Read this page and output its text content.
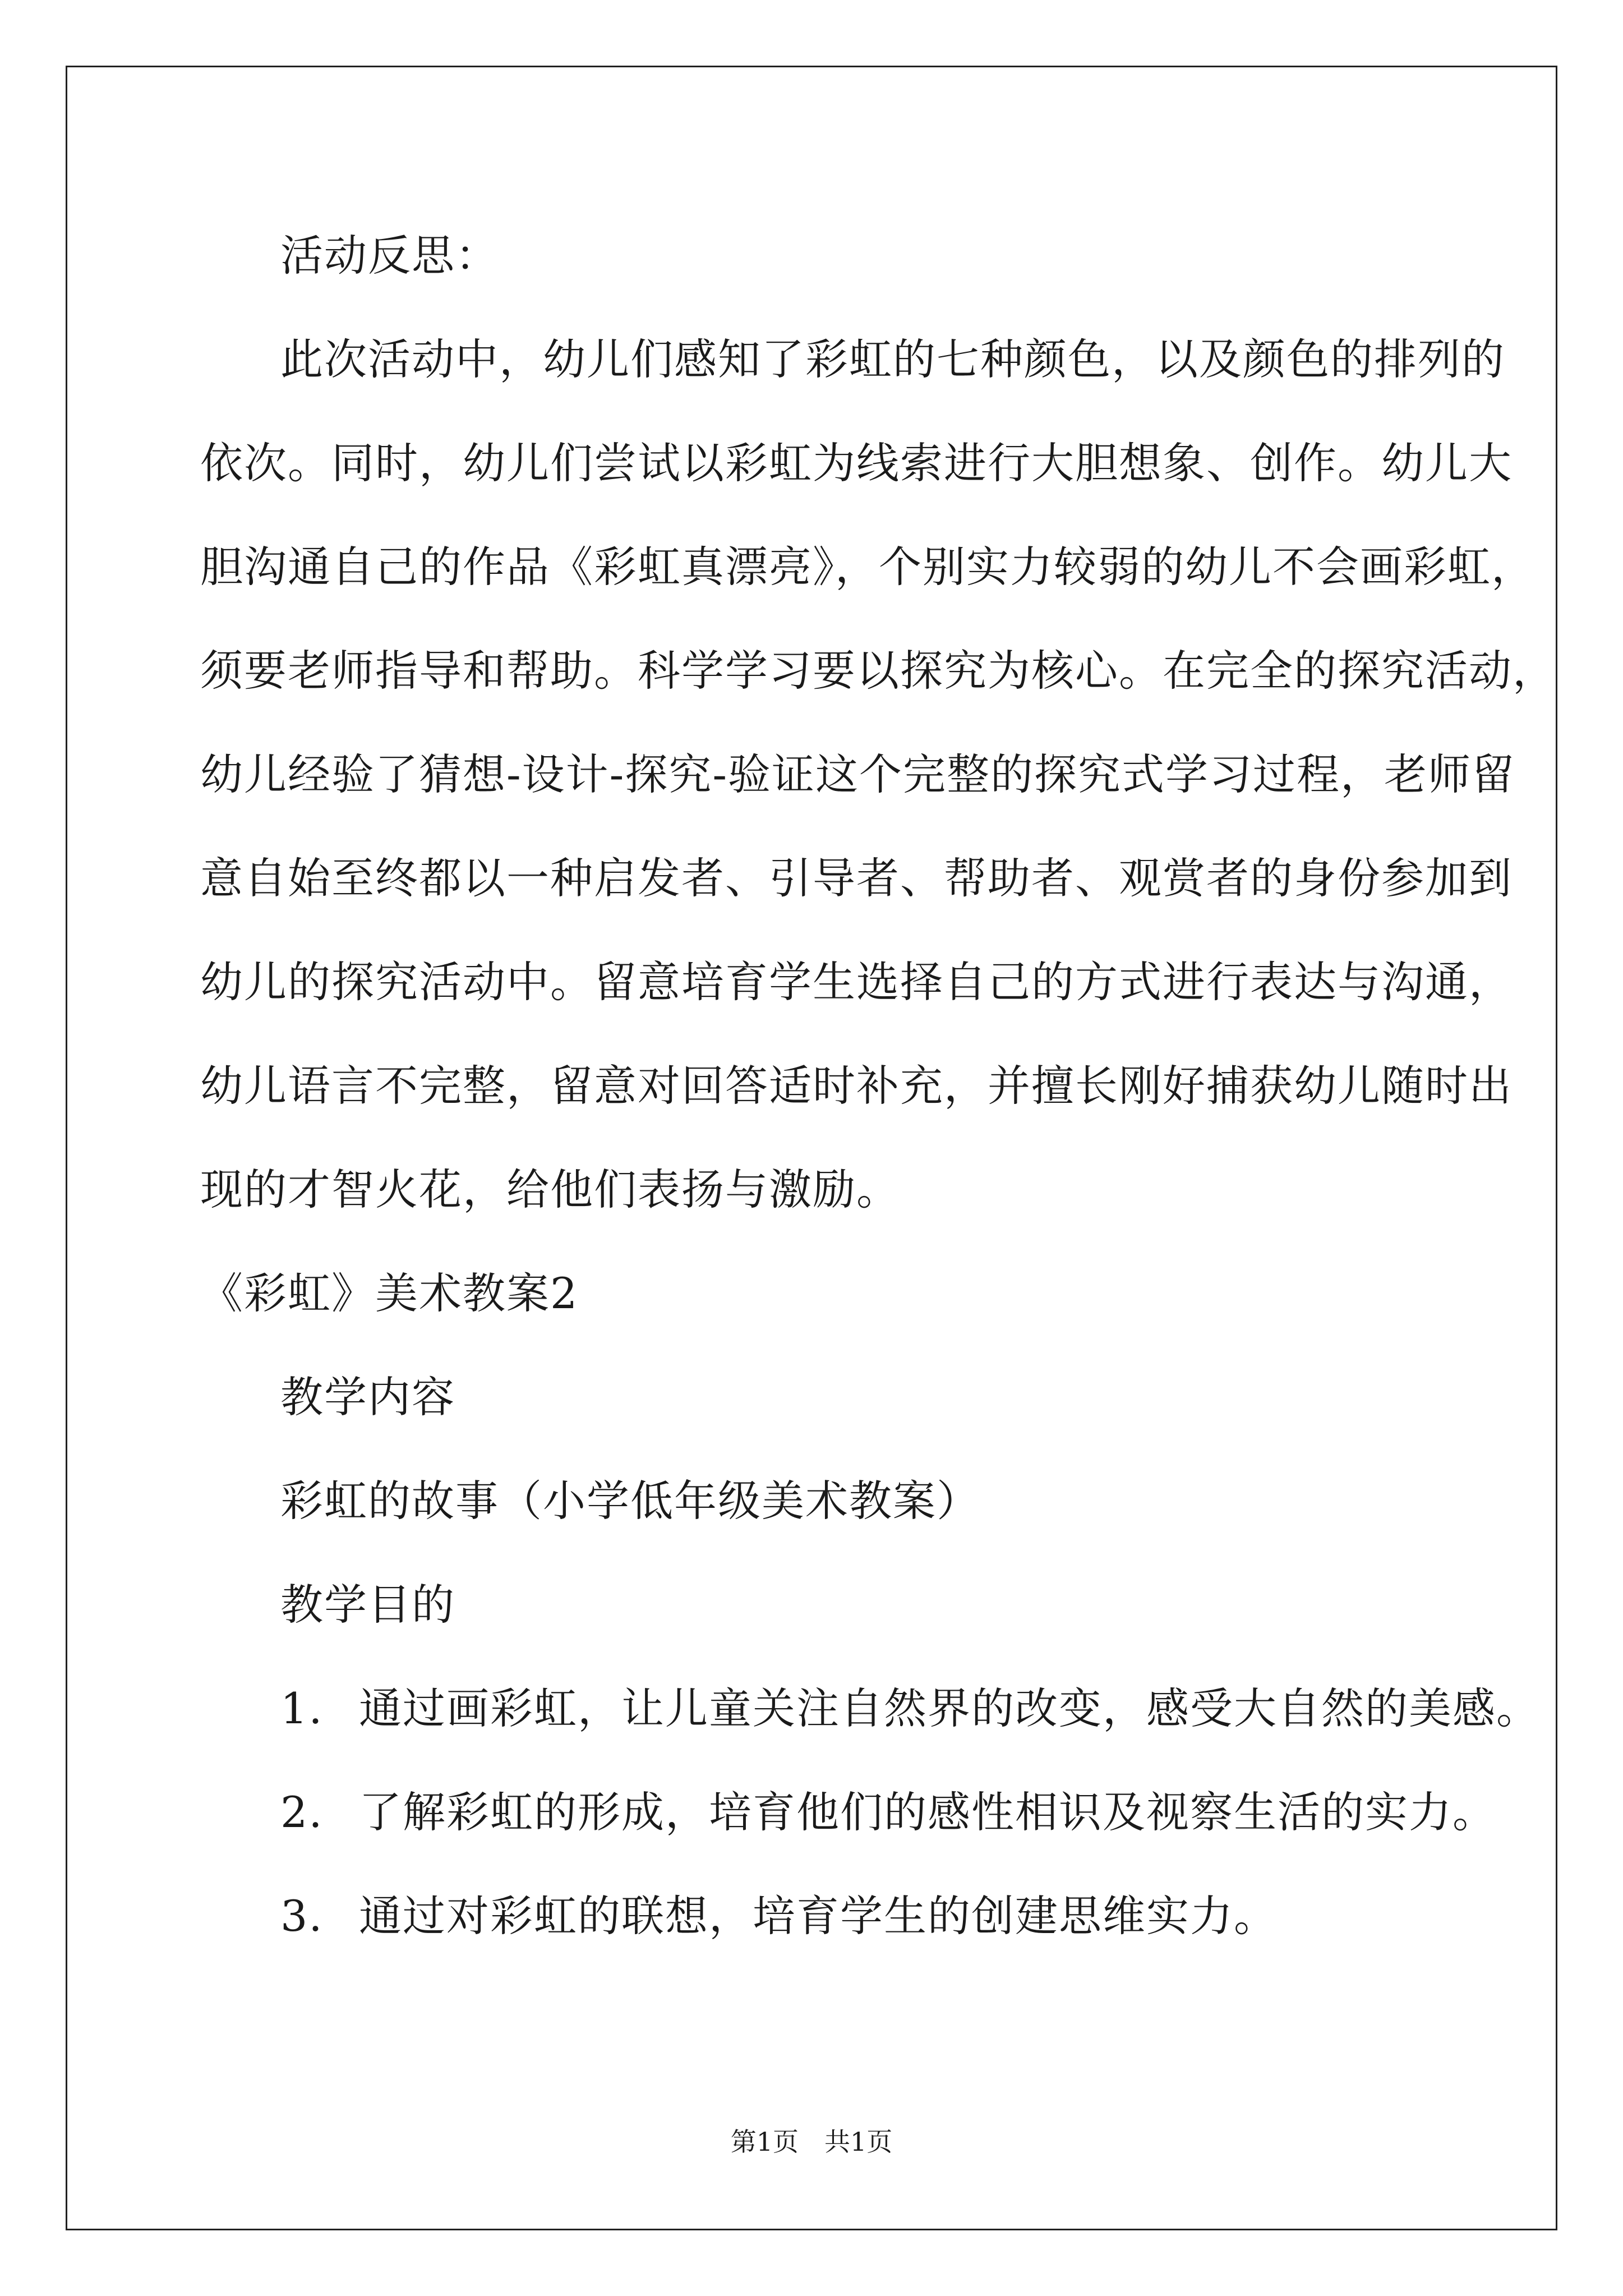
活动反思：
此次活动中，幼儿们感知了彩虹的七种颜色，以及颜色的排列的
依次。同时，幼儿们尝试以彩虹为线索进行大胆想象、创作。幼儿大
胆沟通自己的作品《彩虹真漂亮》，个别实力较弱的幼儿不会画彩虹，
须要老师指导和帮助。科学学习要以探究为核心。在完全的探究活动，
幼儿经验了猜想-设计-探究-验证这个完整的探究式学习过程，老师留
意自始至终都以一种启发者、引导者、帮助者、观赏者的身份参加到
幼儿的探究活动中。留意培育学生选择自己的方式进行表达与沟通，
幼儿语言不完整，留意对回答适时补充，并擅长刚好捕获幼儿随时出
现的才智火花，给他们表扬与激励。
《彩虹》美术教案2
教学内容
彩虹的故事（小学低年级美术教案）
教学目的
1. 通过画彩虹，让儿童关注自然界的改变，感受大自然的美感。
2. 了解彩虹的形成，培育他们的感性相识及视察生活的实力。
3. 通过对彩虹的联想，培育学生的创建思维实力。
第1页　共1页
